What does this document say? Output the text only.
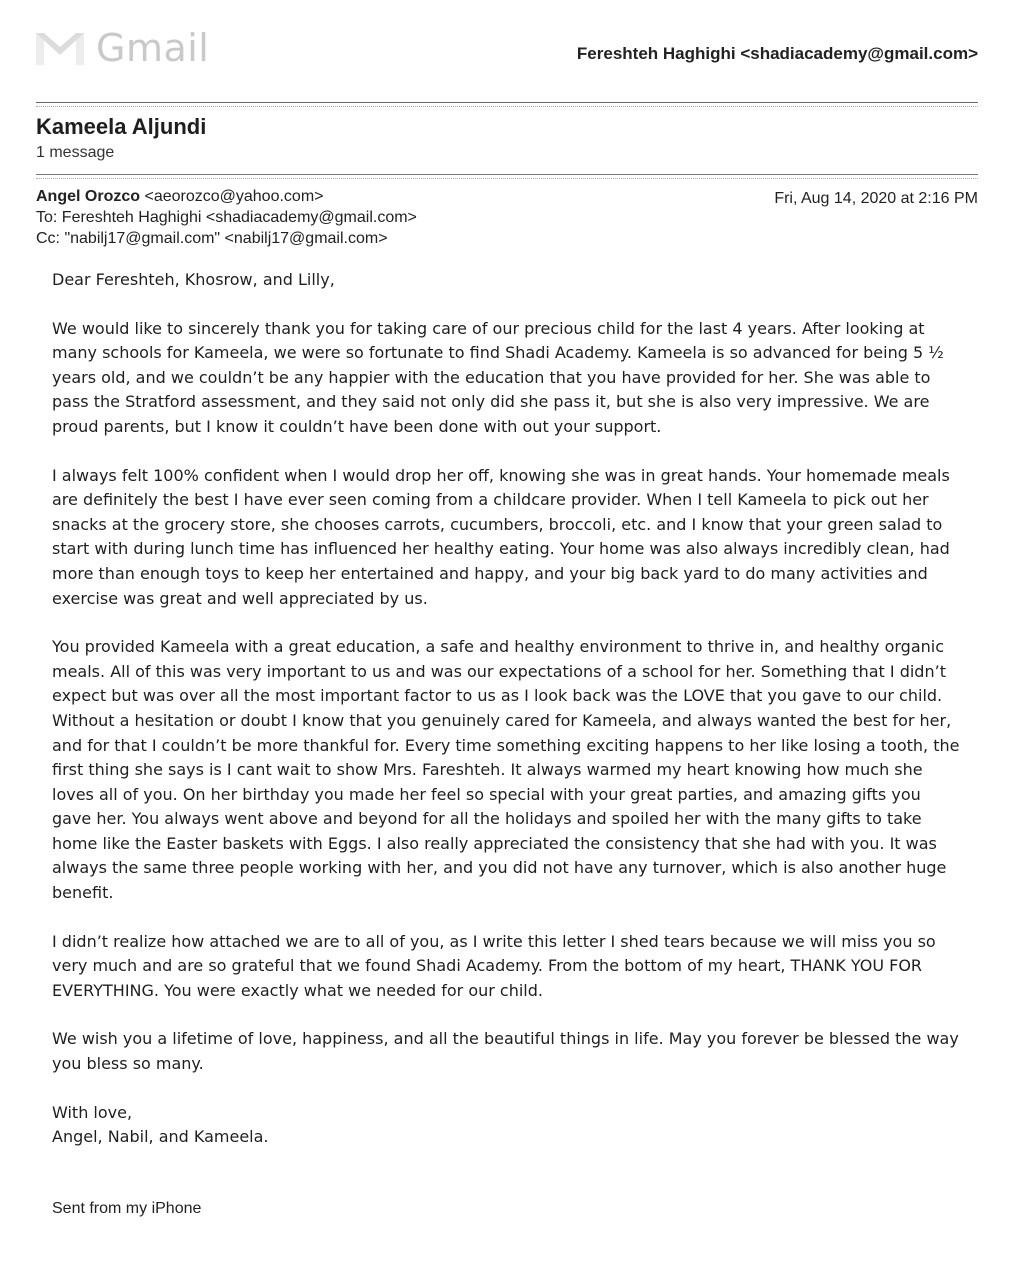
Gmail	Fereshteh Haghighi <shadiacademy@gmail.com>
Kameela Aljundi
1 message
Angel Orozco <aeorozco@yahoo.com>
To: Fereshteh Haghighi <shadiacademy@gmail.com>
Cc: "nabilj17@gmail.com" <nabilj17@gmail.com>
Fri, Aug 14, 2020 at 2:16 PM

Dear Fereshteh, Khosrow, and Lilly,

We would like to sincerely thank you for taking care of our precious child for the last 4 years. After looking at many schools for Kameela, we were so fortunate to find Shadi Academy. Kameela is so advanced for being 5 ½ years old, and we couldn’t be any happier with the education that you have provided for her. She was able to pass the Stratford assessment, and they said not only did she pass it, but she is also very impressive. We are proud parents, but I know it couldn’t have been done with out your support.

I always felt 100% confident when I would drop her off, knowing she was in great hands. Your homemade meals are definitely the best I have ever seen coming from a childcare provider. When I tell Kameela to pick out her snacks at the grocery store, she chooses carrots, cucumbers, broccoli, etc. and I know that your green salad to start with during lunch time has influenced her healthy eating. Your home was also always incredibly clean, had more than enough toys to keep her entertained and happy, and your big back yard to do many activities and exercise was great and well appreciated by us.

You provided Kameela with a great education, a safe and healthy environment to thrive in, and healthy organic meals. All of this was very important to us and was our expectations of a school for her. Something that I didn’t expect but was over all the most important factor to us as I look back was the LOVE that you gave to our child. Without a hesitation or doubt I know that you genuinely cared for Kameela, and always wanted the best for her, and for that I couldn’t be more thankful for. Every time something exciting happens to her like losing a tooth, the first thing she says is I cant wait to show Mrs. Fareshteh. It always warmed my heart knowing how much she loves all of you. On her birthday you made her feel so special with your great parties, and amazing gifts you gave her. You always went above and beyond for all the holidays and spoiled her with the many gifts to take home like the Easter baskets with Eggs. I also really appreciated the consistency that she had with you. It was always the same three people working with her, and you did not have any turnover, which is also another huge benefit.

I didn’t realize how attached we are to all of you, as I write this letter I shed tears because we will miss you so very much and are so grateful that we found Shadi Academy. From the bottom of my heart, THANK YOU FOR EVERYTHING. You were exactly what we needed for our child.

We wish you a lifetime of love, happiness, and all the beautiful things in life. May you forever be blessed the way you bless so many.

With love,
Angel, Nabil, and Kameela.
Sent from my iPhone
